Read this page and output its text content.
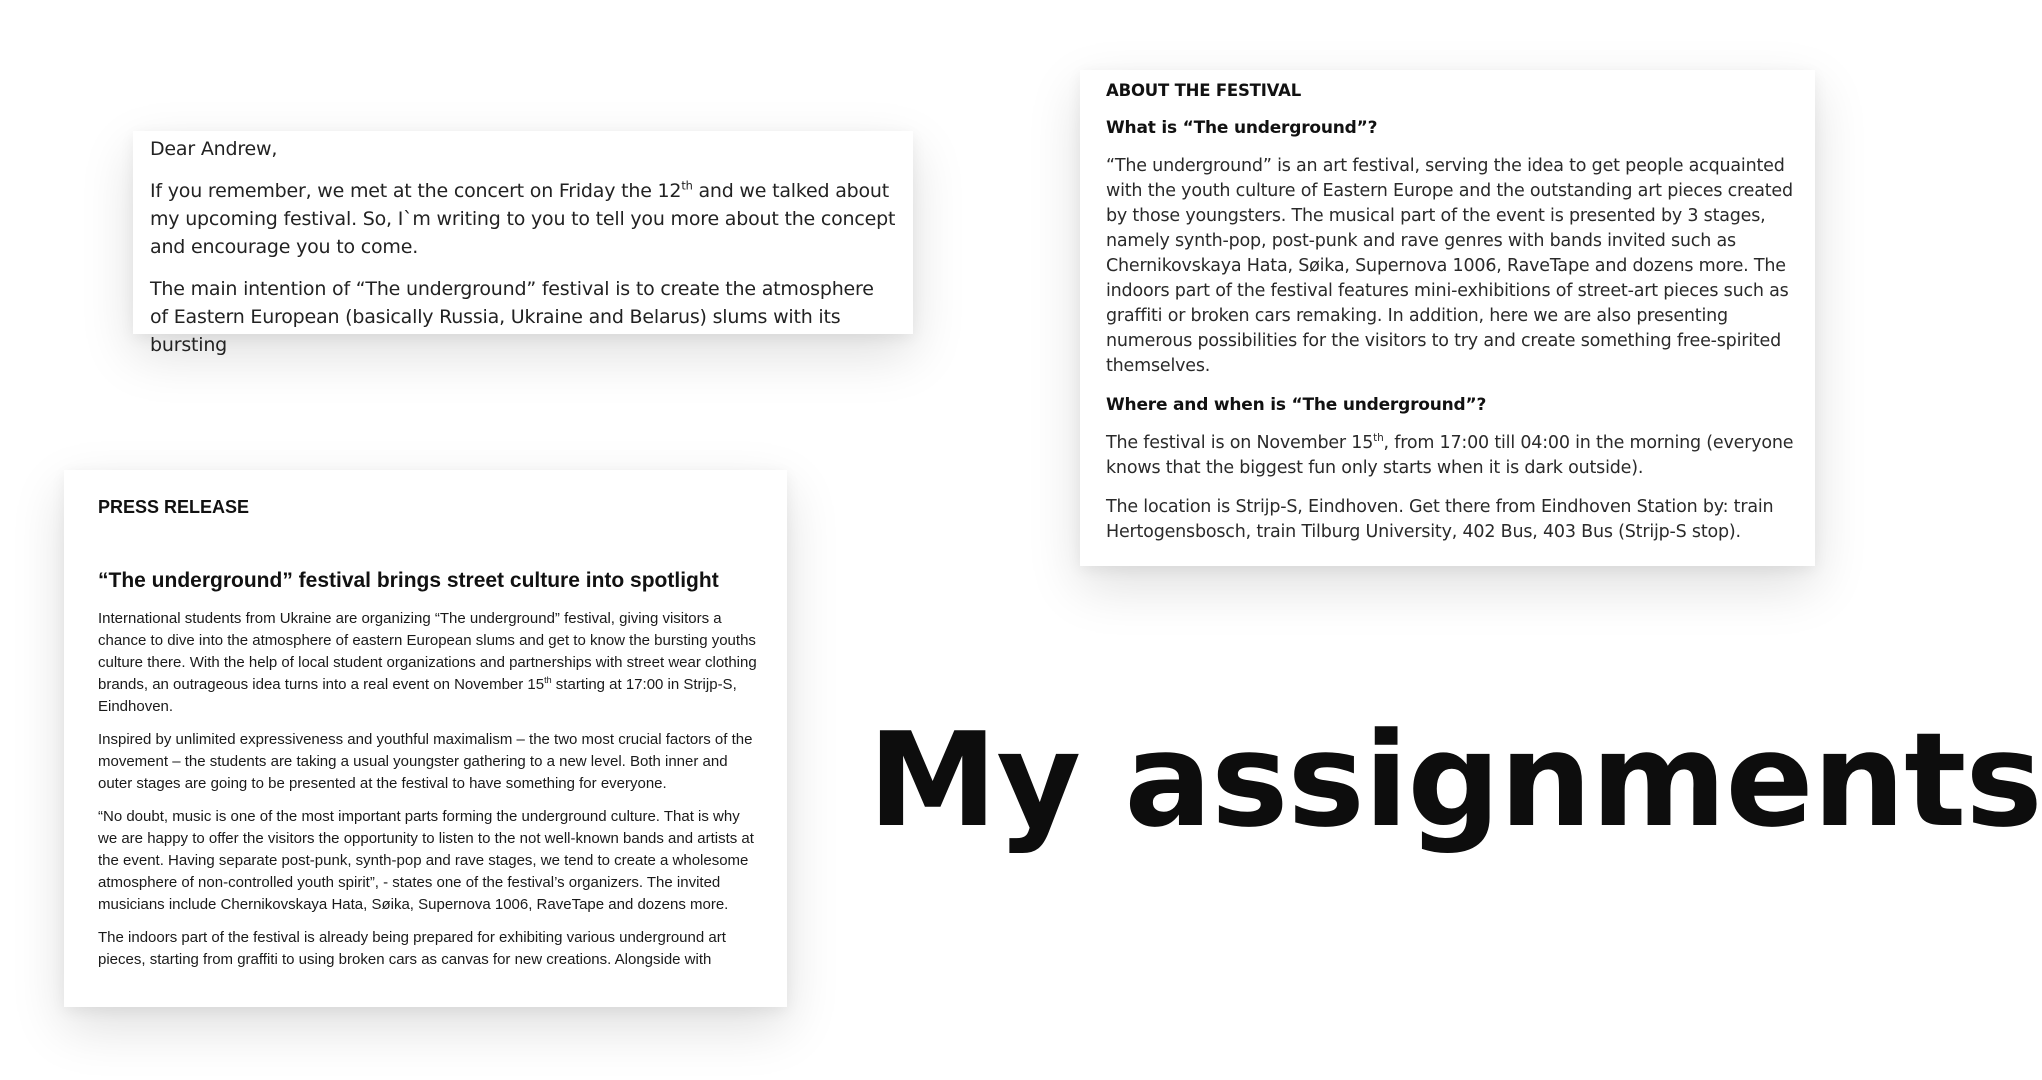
Dear Andrew,

If you remember, we met at the concert on Friday the 12th and we talked about my upcoming festival. So, I`m writing to you to tell you more about the concept and encourage you to come.

The main intention of “The underground” festival is to create the atmosphere of Eastern European (basically Russia, Ukraine and Belarus) slums with its bursting

ABOUT THE FESTIVAL
What is “The underground”?

“The underground” is an art festival, serving the idea to get people acquainted with the youth culture of Eastern Europe and the outstanding art pieces created by those youngsters. The musical part of the event is presented by 3 stages, namely synth-pop, post-punk and rave genres with bands invited such as Chernikovskaya Hata, Søika, Supernova 1006, RaveTape and dozens more. The indoors part of the festival features mini-exhibitions of street-art pieces such as graffiti or broken cars remaking. In addition, here we are also presenting numerous possibilities for the visitors to try and create something free-spirited themselves.

Where and when is “The underground”?

The festival is on November 15th, from 17:00 till 04:00 in the morning (everyone knows that the biggest fun only starts when it is dark outside).

The location is Strijp-S, Eindhoven. Get there from Eindhoven Station by: train Hertogensbosch, train Tilburg University, 402 Bus, 403 Bus (Strijp-S stop).

PRESS RELEASE
“The underground” festival brings street culture into spotlight

International students from Ukraine are organizing “The underground” festival, giving visitors a chance to dive into the atmosphere of eastern European slums and get to know the bursting youths culture there. With the help of local student organizations and partnerships with street wear clothing brands, an outrageous idea turns into a real event on November 15th starting at 17:00 in Strijp-S, Eindhoven.

Inspired by unlimited expressiveness and youthful maximalism – the two most crucial factors of the movement – the students are taking a usual youngster gathering to a new level. Both inner and outer stages are going to be presented at the festival to have something for everyone.

“No doubt, music is one of the most important parts forming the underground culture. That is why we are happy to offer the visitors the opportunity to listen to the not well-known bands and artists at the event. Having separate post-punk, synth-pop and rave stages, we tend to create a wholesome atmosphere of non-controlled youth spirit”, - states one of the festival’s organizers. The invited musicians include Chernikovskaya Hata, Søika, Supernova 1006, RaveTape and dozens more.

The indoors part of the festival is already being prepared for exhibiting various underground art pieces, starting from graffiti to using broken cars as canvas for new creations. Alongside with

My assignments
